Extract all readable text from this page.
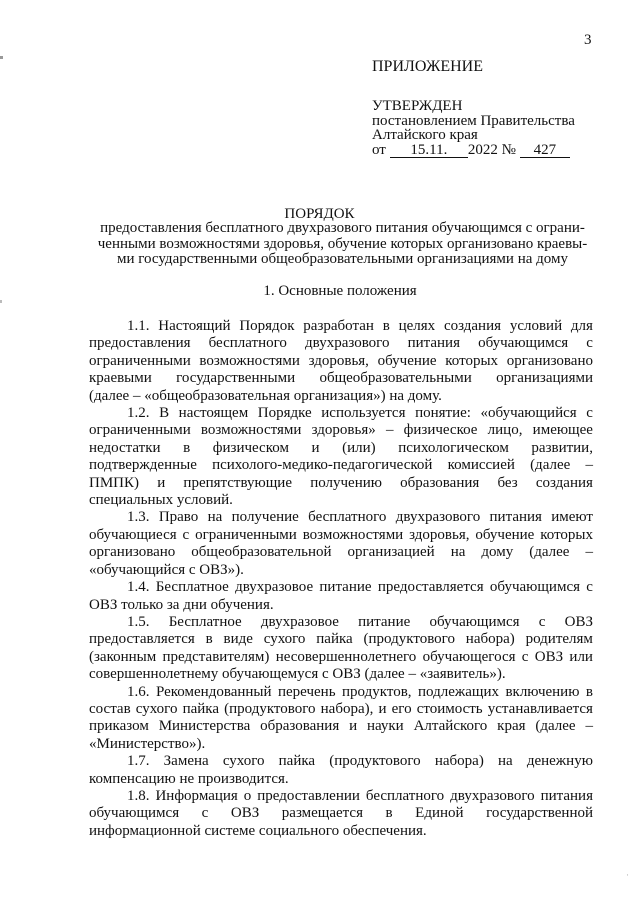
3
ПРИЛОЖЕНИЕ
УТВЕРЖДЕН
постановлением Правительства
Алтайского края
от 15.11. 2022 № 427
ПОРЯДОК
предоставления бесплатного двухразового питания обучающимся с ограни-
ченными возможностями здоровья, обучение которых организовано краевы-
ми государственными общеобразовательными организациями на дому
1. Основные положения
1.1. Настоящий Порядок разработан в целях создания условий для
предоставления бесплатного двухразового питания обучающимся с
ограниченными возможностями здоровья, обучение которых организовано
краевыми государственными общеобразовательными организациями
(далее – «общеобразовательная организация») на дому.
1.2. В настоящем Порядке используется понятие: «обучающийся с
ограниченными возможностями здоровья» – физическое лицо, имеющее
недостатки в физическом и (или) психологическом развитии,
подтвержденные психолого-медико-педагогической комиссией (далее –
ПМПК) и препятствующие получению образования без создания
специальных условий.
1.3. Право на получение бесплатного двухразового питания имеют
обучающиеся с ограниченными возможностями здоровья, обучение которых
организовано общеобразовательной организацией на дому (далее –
«обучающийся с ОВЗ»).
1.4. Бесплатное двухразовое питание предоставляется обучающимся с
ОВЗ только за дни обучения.
1.5. Бесплатное двухразовое питание обучающимся с ОВЗ
предоставляется в виде сухого пайка (продуктового набора) родителям
(законным представителям) несовершеннолетнего обучающегося с ОВЗ или
совершеннолетнему обучающемуся с ОВЗ (далее – «заявитель»).
1.6. Рекомендованный перечень продуктов, подлежащих включению в
состав сухого пайка (продуктового набора), и его стоимость устанавливается
приказом Министерства образования и науки Алтайского края (далее –
«Министерство»).
1.7. Замена сухого пайка (продуктового набора) на денежную
компенсацию не производится.
1.8. Информация о предоставлении бесплатного двухразового питания
обучающимся с ОВЗ размещается в Единой государственной
информационной системе социального обеспечения.
·
